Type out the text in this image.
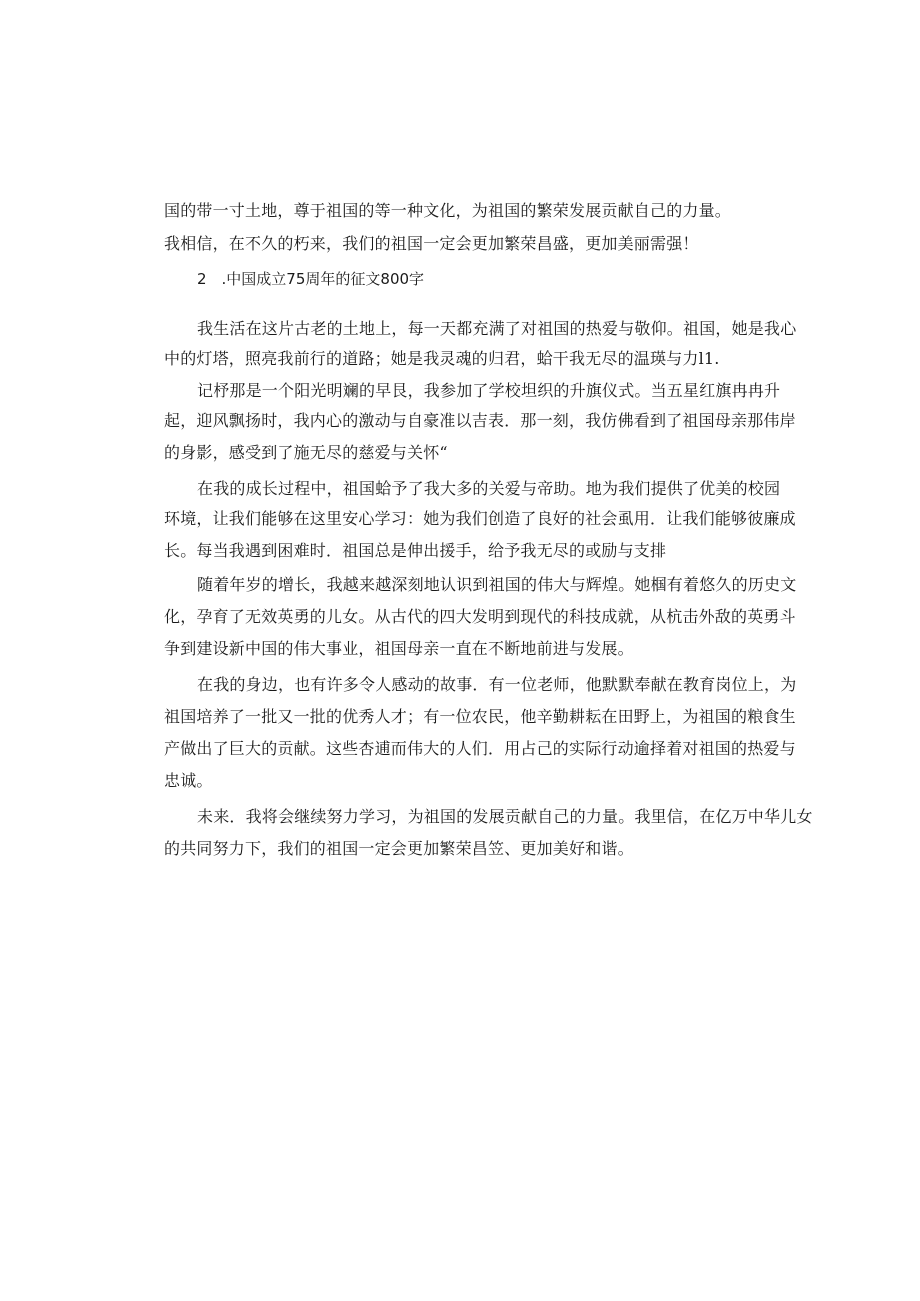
国的带一寸土地，尊于祖国的等一种文化，为祖国的繁荣发展贡献自己的力量。
我相信，在不久的朽来，我们的祖国一定会更加繁荣昌盛，更加美丽需强！
2　.中国成立75周年的征文800字
我生活在这片古老的土地上，每一天都充满了对祖国的热爱与敬仰。祖国，她是我心
中的灯塔，照亮我前行的道路；她是我灵魂的归君，蛤干我无尽的温瑛与力l1.
记杼那是一个阳光明斓的早艮，我参加了学校坦织的升旗仪式。当五星红旗冉冉升
起，迎风飘扬时，我内心的激动与自豪准以吉表．那一刻，我仿佛看到了祖国母亲那伟岸
的身影，感受到了施无尽的慈爱与关怀“
在我的成长过程中，祖国蛤予了我大多的关爱与帝助。地为我们提供了优美的校园
环境，让我们能够在这里安心学习：她为我们创造了良好的社会虱用．让我们能够彼廉成
长。每当我遇到困难时．祖国总是伸出援手，给予我无尽的或励与支排
随着年岁的增长，我越来越深刻地认识到祖国的伟大与辉煌。她椢有着悠久的历史文
化，孕育了无效英勇的儿女。从古代的四大发明到现代的科技成就，从杭击外敌的英勇斗
争到建设新中国的伟大事业，祖国母亲一直在不断地前进与发展。
在我的身边，也有许多令人感动的故事．有一位老师，他默默奉献在教育岗位上，为
祖国培养了一批又一批的优秀人才；有一位农民，他辛勤耕耘在田野上，为祖国的粮食生
产做出了巨大的贡献。这些杏逋而伟大的人们．用占己的实际行动逾择着对祖国的热爱与
忠诚。
未来．我将会继续努力学习，为祖国的发展贡献自己的力量。我里信，在亿万中华儿女
的共同努力下，我们的祖国一定会更加繁荣昌笠、更加美好和谐。
